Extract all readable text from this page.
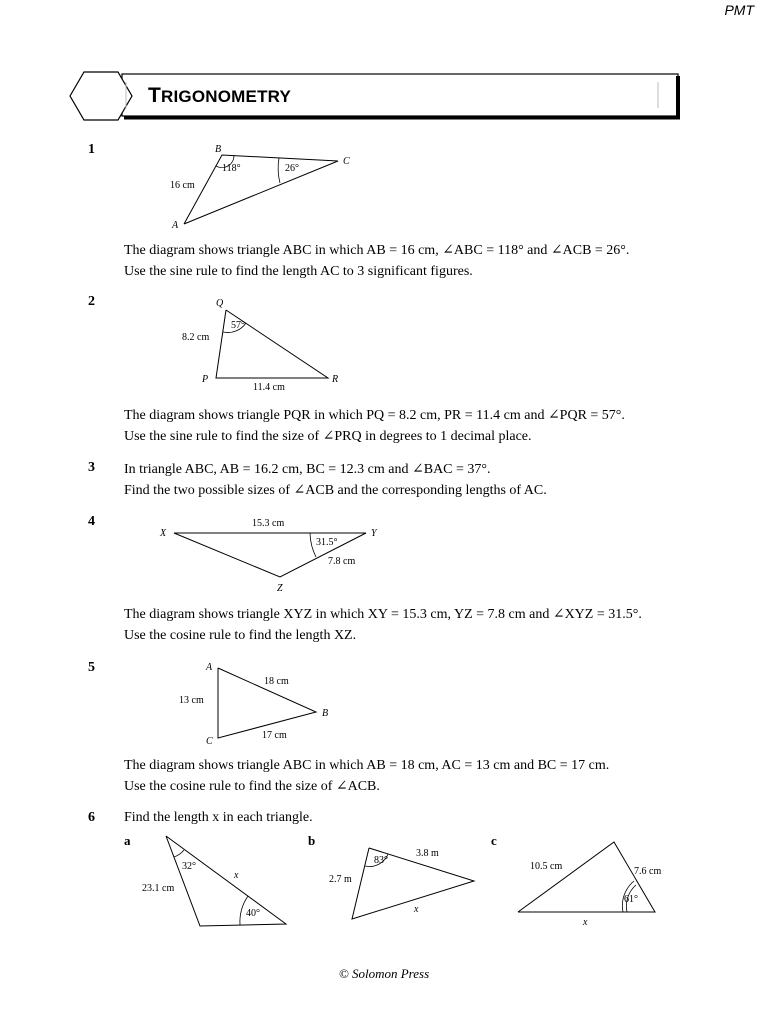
PMT
TRIGONOMETRY
1	B
C
A
118°	26°
16 cm
The diagram shows triangle ABC in which AB = 16 cm, ∠ABC = 118° and ∠ACB = 26°.
Use the sine rule to find the length AC to 3 significant figures.
2	Q
P	R
57°
8.2 cm
11.4 cm
The diagram shows triangle PQR in which PQ = 8.2 cm, PR = 11.4 cm and ∠PQR = 57°.
Use the sine rule to find the size of ∠PRQ in degrees to 1 decimal place.
3 In triangle ABC, AB = 16.2 cm, BC = 12.3 cm and ∠BAC = 37°.
Find the two possible sizes of ∠ACB and the corresponding lengths of AC.
4
X	Y
Z
15.3 cm
31.5°
7.8 cm
The diagram shows triangle XYZ in which XY = 15.3 cm, YZ = 7.8 cm and ∠XYZ = 31.5°.
Use the cosine rule to find the length XZ.
5	A
C
B
18 cm
13 cm
17 cm
The diagram shows triangle ABC in which AB = 18 cm, AC = 13 cm and BC = 17 cm.
Use the cosine rule to find the size of ∠ACB.
6 Find the length x in each triangle.
a
32°
23.1 cm
x
40°
b
83°
3.8 m
2.7 m
x
c
10.5 cm	7.6 cm
61°
x
© Solomon Press
